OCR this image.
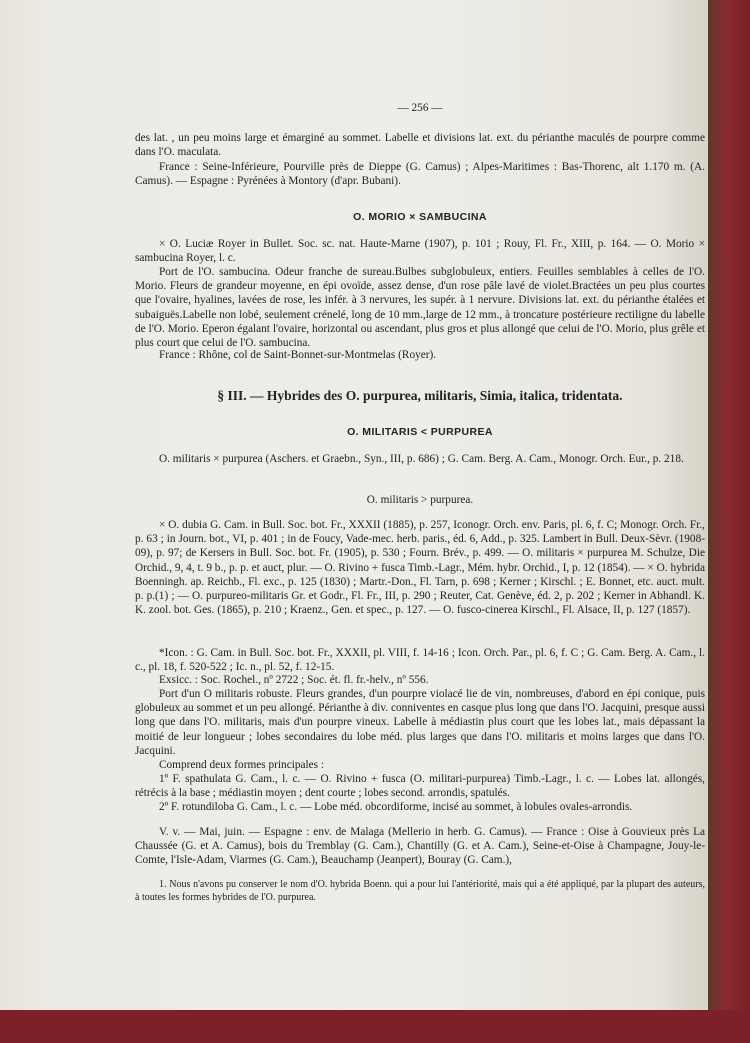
— 256 —

des lat. , un peu moins large et émarginé au sommet. Labelle et divisions lat. ext. du périanthe maculés de pourpre comme dans l'O. maculata.

France : Seine-Inférieure, Pourville près de Dieppe (G. Camus) ; Alpes-Maritimes : Bas-Thorenc, alt 1.170 m. (A. Camus). — Espagne : Pyrénées à Montory (d'apr. Bubani).

O. MORIO × SAMBUCINA

× O. Luciæ Royer in Bullet. Soc. sc. nat. Haute-Marne (1907), p. 101 ; Rouy, Fl. Fr., XIII, p. 164. — O. Morio × sambucina Royer, l. c.

Port de l'O. sambucina. Odeur franche de sureau.Bulbes subglobuleux, entiers. Feuilles semblables à celles de l'O. Morio. Fleurs de grandeur moyenne, en épi ovoïde, assez dense, d'un rose pâle lavé de violet.Bractées un peu plus courtes que l'ovaire, hyalines, lavées de rose, les infér. à 3 nervures, les supér. à 1 nervure. Divisions lat. ext. du périanthe étalées et subaiguës.Labelle non lobé, seulement crénelé, long de 10 mm.,large de 12 mm., à troncature postérieure rectiligne du labelle de l'O. Morio. Eperon égalant l'ovaire, horizontal ou ascendant, plus gros et plus allongé que celui de l'O. Morio, plus grêle et plus court que celui de l'O. sambucina.

France : Rhône, col de Saint-Bonnet-sur-Montmelas (Royer).

§ III. — Hybrides des O. purpurea, militaris, Simia, italica, tridentata.
O. MILITARIS < PURPUREA

O. militaris × purpurea (Aschers. et Graebn., Syn., III, p. 686) ; G. Cam. Berg. A. Cam., Monogr. Orch. Eur., p. 218.

O. militaris > purpurea.

× O. dubia G. Cam. in Bull. Soc. bot. Fr., XXXII (1885), p. 257, Iconogr. Orch. env. Paris, pl. 6, f. C; Monogr. Orch. Fr., p. 63 ; in Journ. bot., VI, p. 401 ; in de Foucy, Vade-mec. herb. paris., éd. 6, Add., p. 325. Lambert in Bull. Deux-Sèvr. (1908-09), p. 97; de Kersers in Bull. Soc. bot. Fr. (1905), p. 530 ; Fourn. Brév., p. 499. — O. militaris × purpurea M. Schulze, Die Orchid., 9, 4, t. 9 b., p. p. et auct, plur. — O. Rivino + fusca Timb.-Lagr., Mém. hybr. Orchid., I, p. 12 (1854). — × O. hybrida Boenningh. ap. Reichb., Fl. exc., p. 125 (1830) ; Martr.-Don., Fl. Tarn, p. 698 ; Kerner ; Kirschl. ; E. Bonnet, etc. auct. mult. p. p.(1) ; — O. purpureo-militaris Gr. et Godr., Fl. Fr., III, p. 290 ; Reuter, Cat. Genève, éd. 2, p. 202 ; Kerner in Abhandl. K. K. zool. bot. Ges. (1865), p. 210 ; Kraenz., Gen. et spec., p. 127. — O. fusco-cinerea Kirschl., Fl. Alsace, II, p. 127 (1857).

*Icon. : G. Cam. in Bull. Soc. bot. Fr., XXXII, pl. VIII, f. 14-16 ; Icon. Orch. Par., pl. 6, f. C ; G. Cam. Berg. A. Cam., l. c., pl. 18, f. 520-522 ; Ic. n., pl. 52, f. 12-15.

Exsicc. : Soc. Rochel., nº 2722 ; Soc. ét. fl. fr.-helv., nº 556.

Port d'un O militaris robuste. Fleurs grandes, d'un pourpre violacé lie de vin, nombreuses, d'abord en épi conique, puis globuleux au sommet et un peu allongé. Périanthe à div. conniventes en casque plus long que dans l'O. Jacquini, presque aussi long que dans l'O. militaris, mais d'un pourpre vineux. Labelle à médiastin plus court que les lobes lat., mais dépassant la moitié de leur longueur ; lobes secondaires du lobe méd. plus larges que dans l'O. militaris et moins larges que dans l'O. Jacquini.

Comprend deux formes principales :

1º F. spathulata G. Cam., l. c. — O. Rivino + fusca (O. militari-purpurea) Timb.-Lagr., l. c. — Lobes lat. allongés, rétrécis à la base ; médiastin moyen ; dent courte ; lobes second. arrondis, spatulés.

2º F. rotundiloba G. Cam., l. c. — Lobe méd. obcordiforme, incisé au sommet, à lobules ovales-arrondis.

V. v. — Mai, juin. — Espagne : env. de Malaga (Mellerio in herb. G. Camus). — France : Oise à Gouvieux près La Chaussée (G. et A. Camus), bois du Tremblay (G. Cam.), Chantilly (G. et A. Cam.), Seine-et-Oise à Champagne, Jouy-le-Comte, l'Isle-Adam, Viarmes (G. Cam.), Beauchamp (Jeanpert), Bouray (G. Cam.),

1. Nous n'avons pu conserver le nom d'O. hybrida Boenn. qui a pour lui l'antériorité, mais qui a été appliqué, par la plupart des auteurs, à toutes les formes hybrides de l'O. purpurea.
